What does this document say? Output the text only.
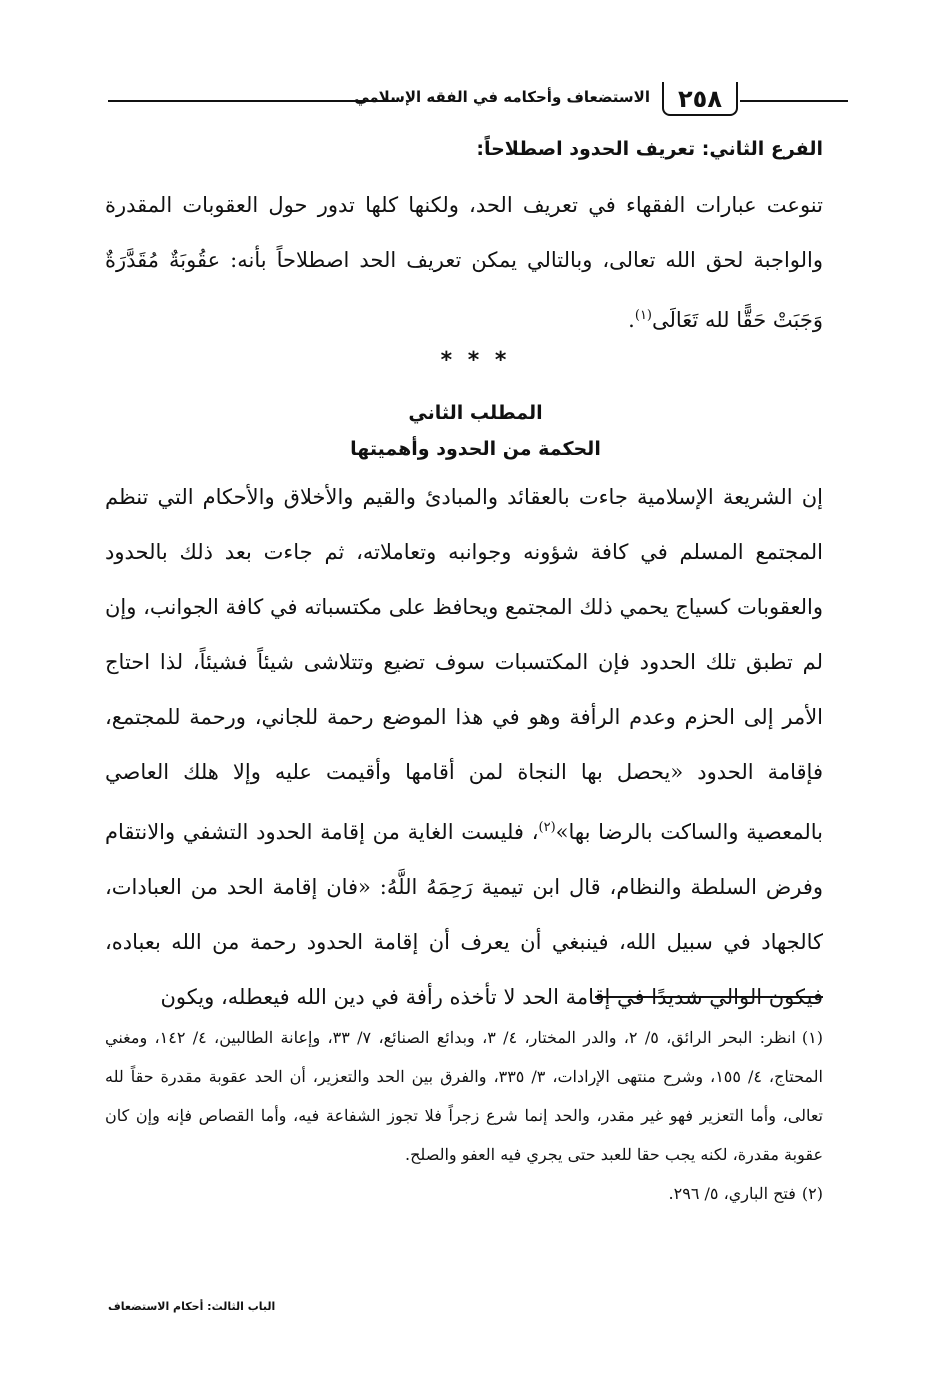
٢٥٨
الاستضعاف وأحكامه في الفقه الإسلامي
الفرع الثاني: تعريف الحدود اصطلاحاً:

تنوعت عبارات الفقهاء في تعريف الحد، ولكنها كلها تدور حول العقوبات المقدرة والواجبة لحق الله تعالى، وبالتالي يمكن تعريف الحد اصطلاحاً بأنه: عقُوبَةٌ مُقَدَّرَةٌ وَجَبَتْ حَقًّا لله تَعَالَى$^{(١)}$.

* * *
المطلب الثاني
الحكمة من الحدود وأهميتها

إن الشريعة الإسلامية جاءت بالعقائد والمبادئ والقيم والأخلاق والأحكام التي تنظم المجتمع المسلم في كافة شؤونه وجوانبه وتعاملاته، ثم جاءت بعد ذلك بالحدود والعقوبات كسياج يحمي ذلك المجتمع ويحافظ على مكتسباته في كافة الجوانب، وإن لم تطبق تلك الحدود فإن المكتسبات سوف تضيع وتتلاشى شيئاً فشيئاً، لذا احتاج الأمر إلى الحزم وعدم الرأفة وهو في هذا الموضع رحمة للجاني، ورحمة للمجتمع، فإقامة الحدود «يحصل بها النجاة لمن أقامها وأقيمت عليه وإلا هلك العاصي بالمعصية والساكت بالرضا بها»$^{(٢)}$، فليست الغاية من إقامة الحدود التشفي والانتقام وفرض السلطة والنظام، قال ابن تيمية رَحِمَهُ اللَّهُ: «فان إقامة الحد من العبادات، كالجهاد في سبيل الله، فينبغي أن يعرف أن إقامة الحدود رحمة من الله بعباده، فيكون الوالي شديدًا في إقامة الحد لا تأخذه رأفة في دين الله فيعطله، ويكون

(١)انظر: البحر الرائق، ٥/ ٢، والدر المختار، ٤/ ٣، وبدائع الصنائع، ٧/ ٣٣، وإعانة الطالبين، ٤/ ١٤٢، ومغني المحتاج، ٤/ ١٥٥، وشرح منتهى الإرادات، ٣/ ٣٣٥، والفرق بين الحد والتعزير، أن الحد عقوبة مقدرة حقاً لله تعالى، وأما التعزير فهو غير مقدر، والحد إنما شرع زجراً فلا تجوز الشفاعة فيه، وأما القصاص فإنه وإن كان عقوبة مقدرة، لكنه يجب حقا للعبد حتى يجري فيه العفو والصلح.

(٢)فتح الباري، ٥/ ٢٩٦.

الباب الثالث: أحكام الاستضعاف
